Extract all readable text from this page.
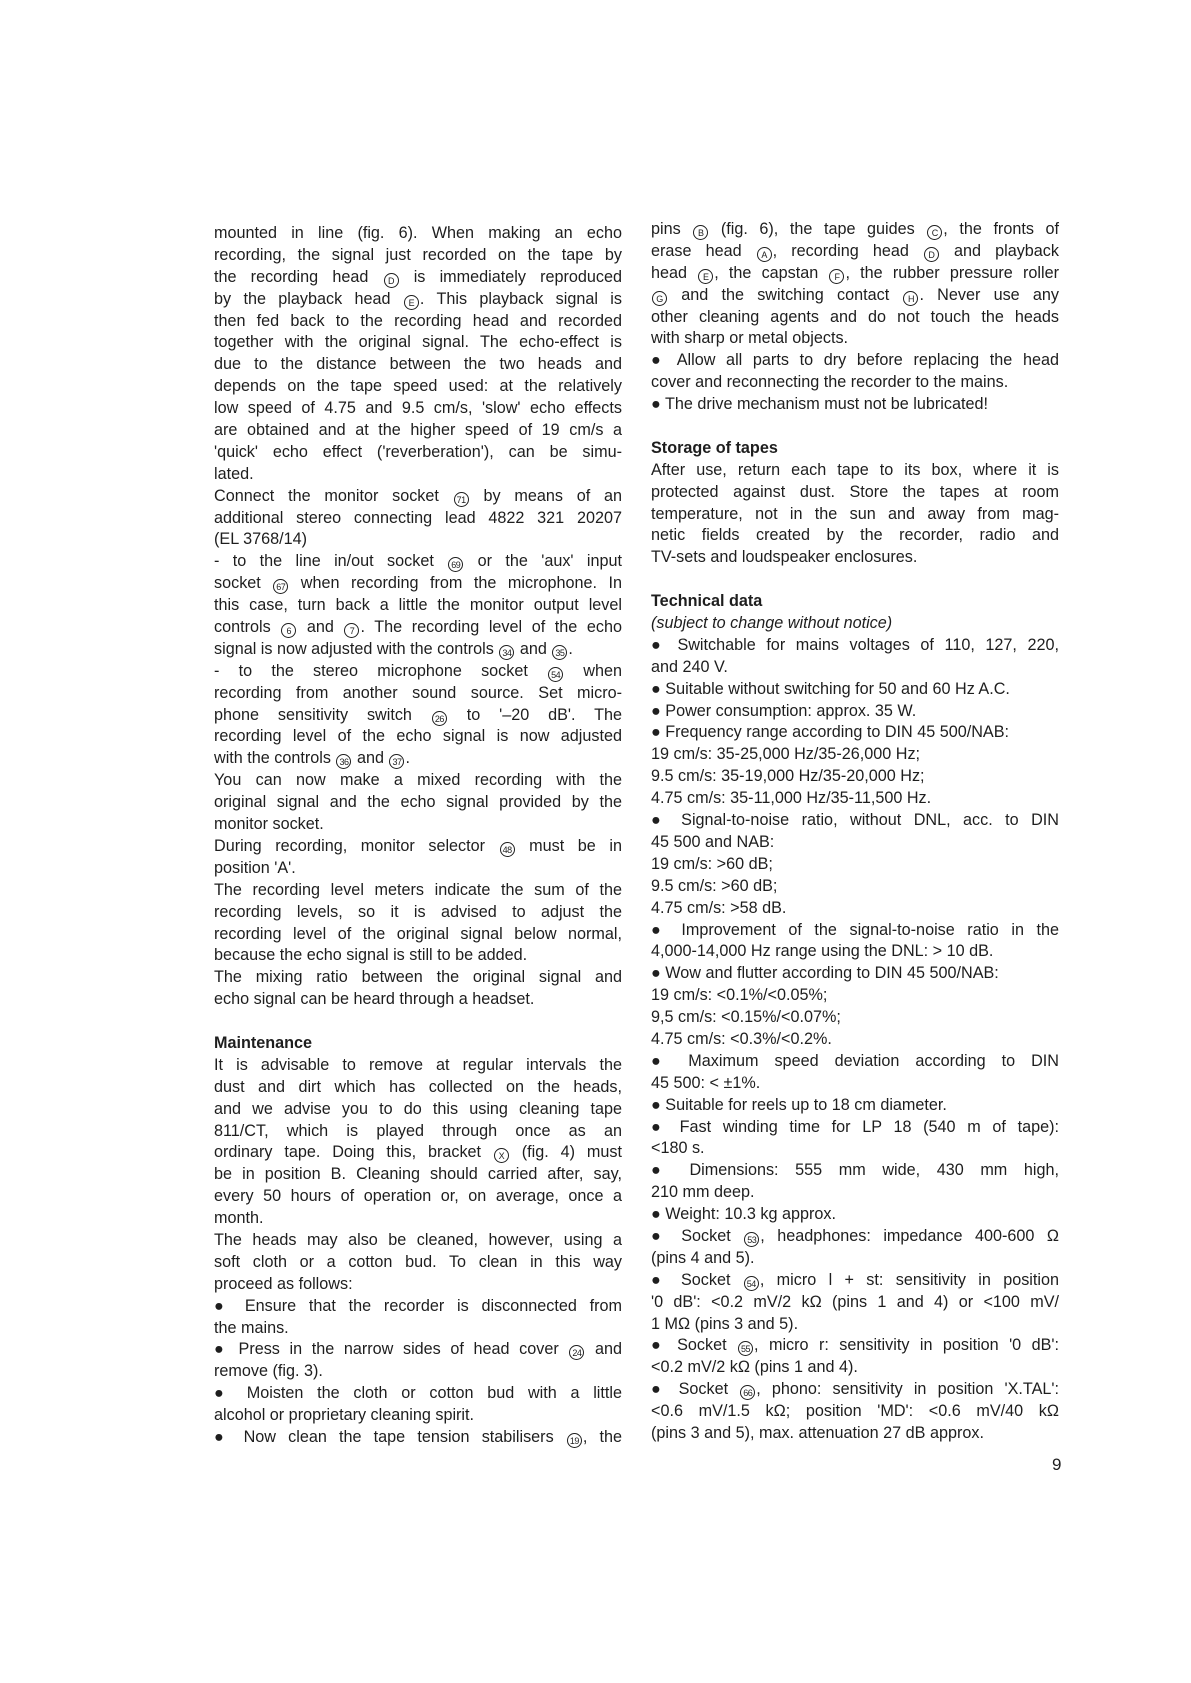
mounted in line (fig. 6). When making an echo
recording, the signal just recorded on the tape by
the recording head D is immediately reproduced
by the playback head E . This playback signal is
then fed back to the recording head and recorded
together with the original signal. The echo-effect is
due to the distance between the two heads and
depends on the tape speed used: at the relatively
low speed of 4.75 and 9.5 cm/s, 'slow' echo effects
are obtained and at the higher speed of 19 cm/s a
'quick' echo effect ('reverberation'), can be simu-
lated.
Connect the monitor socket 71 by means of an
additional stereo connecting lead 4822 321 20207
(EL 3768/14)
- to the line in/out socket 69 or the 'aux' input
socket 67 when recording from the microphone. In
this case, turn back a little the monitor output level
controls 6 and 7 . The recording level of the echo
signal is now adjusted with the controls 34 and 35 .
- to the stereo microphone socket 54 when
recording from another sound source. Set micro-
phone sensitivity switch 26 to '–20 dB'. The
recording level of the echo signal is now adjusted
with the controls 36 and 37 .
You can now make a mixed recording with the
original signal and the echo signal provided by the
monitor socket.
During recording, monitor selector 48 must be in
position 'A'.
The recording level meters indicate the sum of the
recording levels, so it is advised to adjust the
recording level of the original signal below normal,
because the echo signal is still to be added.
The mixing ratio between the original signal and
echo signal can be heard through a headset.
Maintenance
It is advisable to remove at regular intervals the
dust and dirt which has collected on the heads,
and we advise you to do this using cleaning tape
811/CT, which is played through once as an
ordinary tape. Doing this, bracket X (fig. 4) must
be in position B. Cleaning should carried after, say,
every 50 hours of operation or, on average, once a
month.
The heads may also be cleaned, however, using a
soft cloth or a cotton bud. To clean in this way
proceed as follows:
● Ensure that the recorder is disconnected from
the mains.
● Press in the narrow sides of head cover 24 and
remove (fig. 3).
● Moisten the cloth or cotton bud with a little
alcohol or proprietary cleaning spirit.
● Now clean the tape tension stabilisers 19 , the
pins B (fig. 6), the tape guides C , the fronts of
erase head A , recording head D and playback
head E , the capstan F , the rubber pressure roller
G and the switching contact H . Never use any
other cleaning agents and do not touch the heads
with sharp or metal objects.
● Allow all parts to dry before replacing the head
cover and reconnecting the recorder to the mains.
● The drive mechanism must not be lubricated!
Storage of tapes
After use, return each tape to its box, where it is
protected against dust. Store the tapes at room
temperature, not in the sun and away from mag-
netic fields created by the recorder, radio and
TV-sets and loudspeaker enclosures.
Technical data
(subject to change without notice)
● Switchable for mains voltages of 110, 127, 220,
and 240 V.
● Suitable without switching for 50 and 60 Hz A.C.
● Power consumption: approx. 35 W.
● Frequency range according to DIN 45 500/NAB:
19 cm/s: 35-25,000 Hz/35-26,000 Hz;
9.5 cm/s: 35-19,000 Hz/35-20,000 Hz;
4.75 cm/s: 35-11,000 Hz/35-11,500 Hz.
● Signal-to-noise ratio, without DNL, acc. to DIN
45 500 and NAB:
19 cm/s: >60 dB;
9.5 cm/s: >60 dB;
4.75 cm/s: >58 dB.
● Improvement of the signal-to-noise ratio in the
4,000-14,000 Hz range using the DNL: > 10 dB.
● Wow and flutter according to DIN 45 500/NAB:
19 cm/s: <0.1%/<0.05%;
9,5 cm/s: <0.15%/<0.07%;
4.75 cm/s: <0.3%/<0.2%.
● Maximum speed deviation according to DIN
45 500: < ±1%.
● Suitable for reels up to 18 cm diameter.
● Fast winding time for LP 18 (540 m of tape):
<180 s.
● Dimensions: 555 mm wide, 430 mm high,
210 mm deep.
● Weight: 10.3 kg approx.
● Socket 53 , headphones: impedance 400-600 Ω
(pins 4 and 5).
● Socket 54 , micro l + st: sensitivity in position
'0 dB': <0.2 mV/2 kΩ (pins 1 and 4) or <100 mV/
1 MΩ (pins 3 and 5).
● Socket 55 , micro r: sensitivity in position '0 dB':
<0.2 mV/2 kΩ (pins 1 and 4).
● Socket 66 , phono: sensitivity in position 'X.TAL':
<0.6 mV/1.5 kΩ; position 'MD': <0.6 mV/40 kΩ
(pins 3 and 5), max. attenuation 27 dB approx.
9
